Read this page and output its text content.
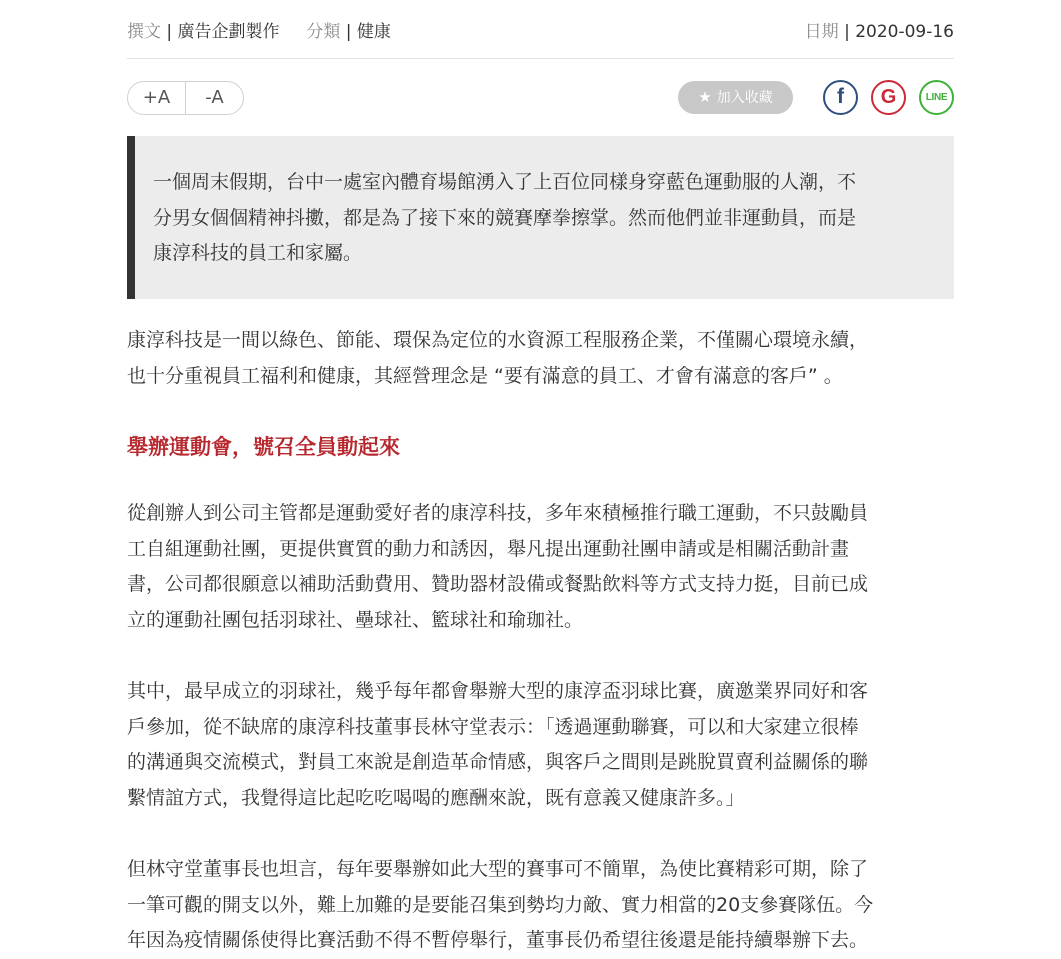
撰文 | 廣告企劃製作 分類 | 健康	日期 | 2020-09-16
+A	-A	★ 加入收藏	f G	LINE
一個周末假期，台中一處室內體育場館湧入了上百位同樣身穿藍色運動服的人潮，不
分男女個個精神抖擻，都是為了接下來的競賽摩拳擦掌。然而他們並非運動員，而是
康淳科技的員工和家屬。
康淳科技是一間以綠色、節能、環保為定位的水資源工程服務企業，不僅關心環境永續，
也十分重視員工福利和健康，其經營理念是 “要有滿意的員工、才會有滿意的客戶” 。
舉辦運動會，號召全員動起來
從創辦人到公司主管都是運動愛好者的康淳科技，多年來積極推行職工運動，不只鼓勵員
工自組運動社團，更提供實質的動力和誘因，舉凡提出運動社團申請或是相關活動計畫
書，公司都很願意以補助活動費用、贊助器材設備或餐點飲料等方式支持力挺，目前已成
立的運動社團包括羽球社、壘球社、籃球社和瑜珈社。
其中，最早成立的羽球社，幾乎每年都會舉辦大型的康淳盃羽球比賽，廣邀業界同好和客
戶參加，從不缺席的康淳科技董事長林守堂表示：「透過運動聯賽，可以和大家建立很棒
的溝通與交流模式，對員工來說是創造革命情感，與客戶之間則是跳脫買賣利益關係的聯
繫情誼方式，我覺得這比起吃吃喝喝的應酬來說，既有意義又健康許多。」
但林守堂董事長也坦言，每年要舉辦如此大型的賽事可不簡單，為使比賽精彩可期，除了
一筆可觀的開支以外，難上加難的是要能召集到勢均力敵、實力相當的20支參賽隊伍。今
年因為疫情關係使得比賽活動不得不暫停舉行，董事長仍希望往後還是能持續舉辦下去。
